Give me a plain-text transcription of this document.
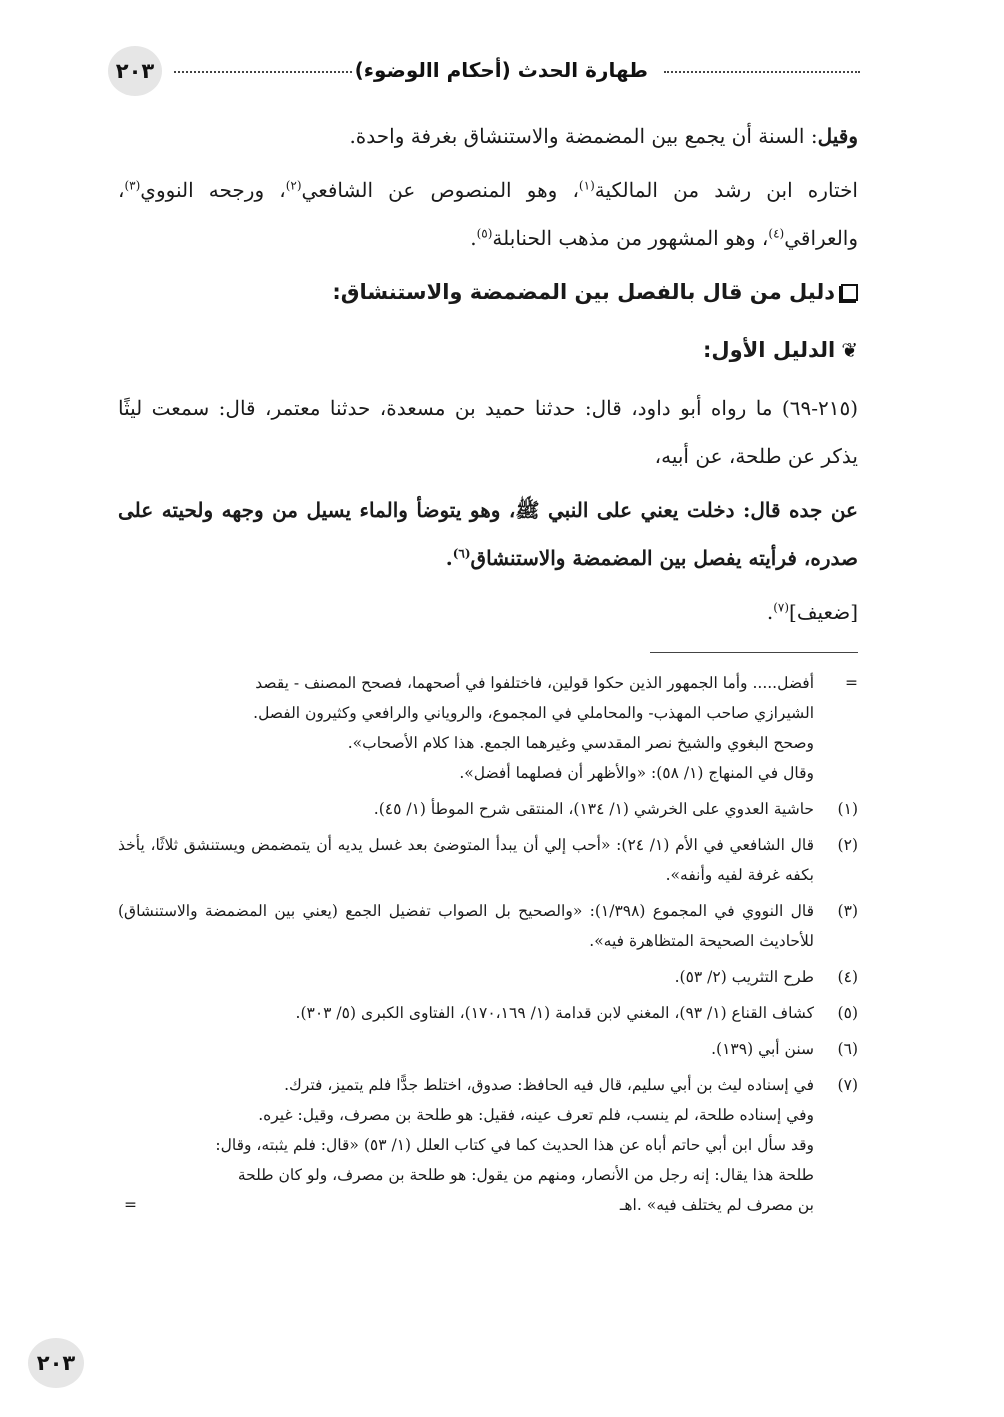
طهارة الحدث (أحكام االوضوء)
٢٠٣

وقيل: السنة أن يجمع بين المضمضة والاستنشاق بغرفة واحدة.

اختاره ابن رشد من المالكية$^{(١)}$، وهو المنصوص عن الشافعي$^{(٢)}$، ورجحه النووي$^{(٣)}$، والعراقي$^{(٤)}$، وهو المشهور من مذهب الحنابلة$^{(٥)}$.

دليل من قال بالفصل بين المضمضة والاستنشاق:
❦
الدليل الأول:

(٢١٥-٦٩) ما رواه أبو داود، قال: حدثنا حميد بن مسعدة، حدثنا معتمر، قال: سمعت ليثًا يذكر عن طلحة، عن أبيه،

عن جده قال: دخلت يعني على النبي ﷺ، وهو يتوضأ والماء يسيل من وجهه ولحيته على صدره، فرأيته يفصل بين المضمضة والاستنشاق$^{(٦)}$.

[ضعيف]$^{(٧)}$.

=
أفضل..... وأما الجمهور الذين حكوا قولين، فاختلفوا في أصحهما، فصحح المصنف - يقصد
الشيرازي صاحب المهذب- والمحاملي في المجموع، والروياني والرافعي وكثيرون الفصل.
وصحح البغوي والشيخ نصر المقدسي وغيرهما الجمع. هذا كلام الأصحاب».
وقال في المنهاج (١/ ٥٨): «والأظهر أن فصلهما أفضل».
(١)
حاشية العدوي على الخرشي (١/ ١٣٤)، المنتقى شرح الموطأ (١/ ٤٥).
(٢)
قال الشافعي في الأم (١/ ٢٤): «أحب إلي أن يبدأ المتوضئ بعد غسل يديه أن يتمضمض ويستنشق ثلاثًا، يأخذ بكفه غرفة لفيه وأنفه».
(٣)
قال النووي في المجموع (١/٣٩٨): «والصحيح بل الصواب تفضيل الجمع (يعني بين المضمضة والاستنشاق) للأحاديث الصحيحة المتظاهرة فيه».
(٤)
طرح التثريب (٢/ ٥٣).
(٥)
كشاف القناع (١/ ٩٣)، المغني لابن قدامة (١/ ١٧٠،١٦٩)، الفتاوى الكبرى (٥/ ٣٠٣).
(٦)
سنن أبي (١٣٩).
(٧)
في إسناده ليث بن أبي سليم، قال فيه الحافظ: صدوق، اختلط جدًّا فلم يتميز، فترك.
وفي إسناده طلحة، لم ينسب، فلم تعرف عينه، فقيل: هو طلحة بن مصرف، وقيل: غيره.
وقد سأل ابن أبي حاتم أباه عن هذا الحديث كما في كتاب العلل (١/ ٥٣) «قال: فلم يثبته، وقال:
طلحة هذا يقال: إنه رجل من الأنصار، ومنهم من يقول: هو طلحة بن مصرف، ولو كان طلحة
بن مصرف لم يختلف فيه» .اهـ
=
٢٠٣
